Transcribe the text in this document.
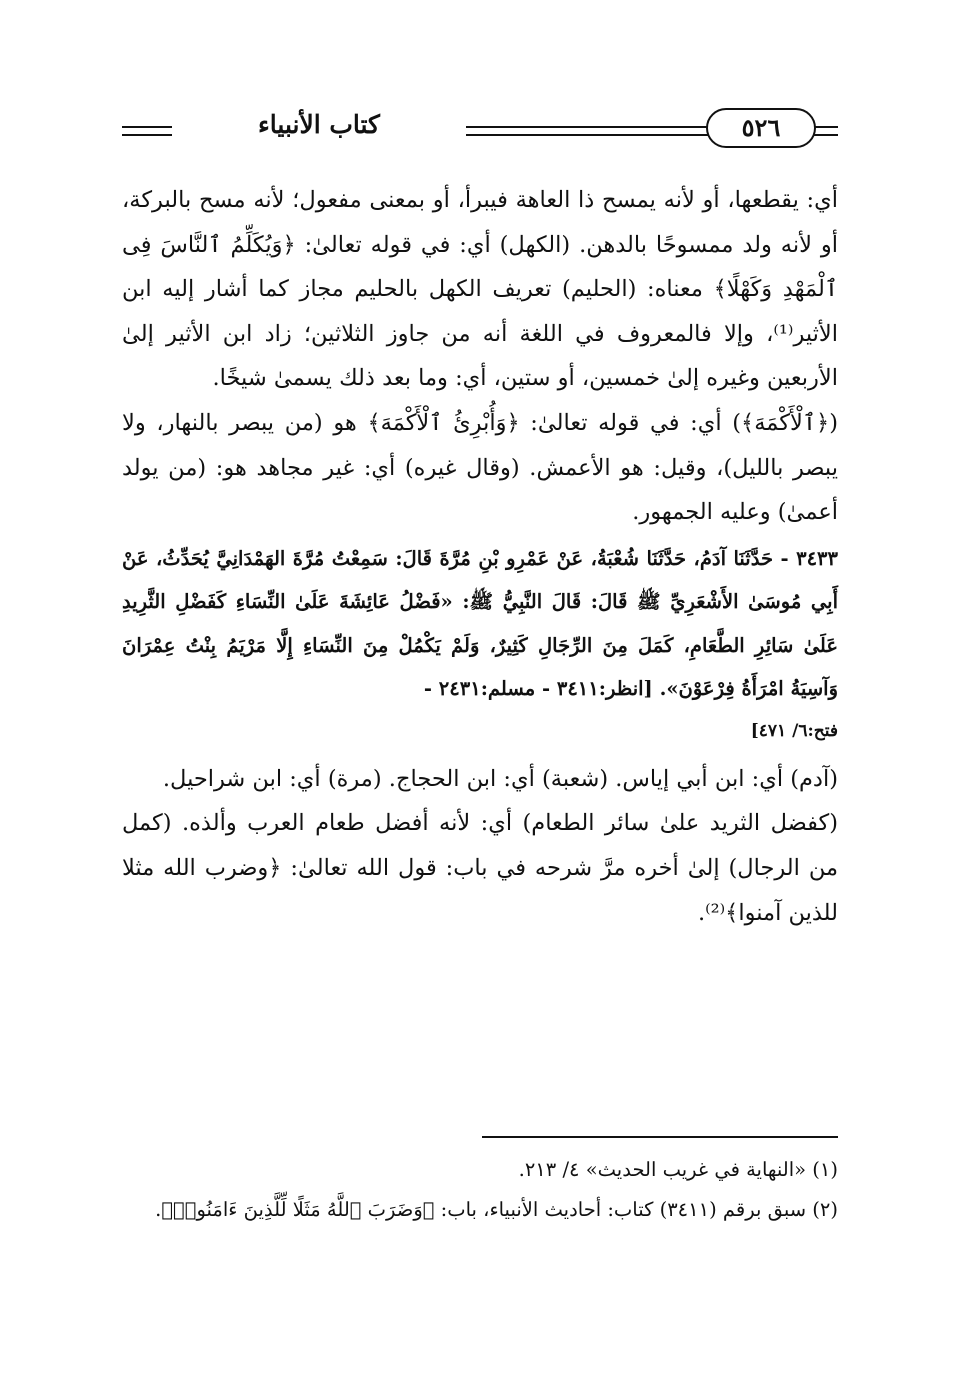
كتاب الأنبياء	٥٢٦

أي: يقطعها، أو لأنه يمسح ذا العاهة فيبرأ، أو بمعنى مفعول؛ لأنه مسح بالبركة، أو لأنه ولد ممسوحًا بالدهن. (الكهل) أي: في قوله تعالىٰ: ﴿وَيُكَلِّمُ ٱلنَّاسَ فِى ٱلْمَهْدِ وَكَهْلًا﴾ معناه: (الحليم) تعريف الكهل بالحليم مجاز كما أشار إليه ابن الأثير⁽¹⁾، وإلا فالمعروف في اللغة أنه من جاوز الثلاثين؛ زاد ابن الأثير إلىٰ الأربعين وغيره إلىٰ خمسين، أو ستين، أي: وما بعد ذلك يسمىٰ شيخًا.

(﴿ٱلْأَكْمَهَ﴾) أي: في قوله تعالىٰ: ﴿وَأُبْرِئُ ٱلْأَكْمَهَ﴾ هو (من يبصر بالنهار، ولا يبصر بالليل)، وقيل: هو الأعمش. (وقال غيره) أي: غير مجاهد هو: (من يولد أعمىٰ) وعليه الجمهور.

٣٤٣٣ - حَدَّثَنَا آدَمُ، حَدَّثَنَا شُعْبَةُ، عَنْ عَمْرِو بْنِ مُرَّةَ قَالَ: سَمِعْتُ مُرَّةَ الهَمْدَانِيَّ يُحَدِّثُ، عَنْ أَبِي مُوسَىٰ الأَشْعَرِيِّ ﷺ قَالَ: قَالَ النَّبِيُّ ﷺ: «فَضْلُ عَائِشَةَ عَلَىٰ النِّسَاءِ كَفَضْلِ الثَّرِيدِ عَلَىٰ سَائِرِ الطَّعَامِ، كَمَلَ مِنَ الرِّجَالِ كَثِيرٌ، وَلَمْ يَكْمُلْ مِنَ النِّسَاءِ إِلَّا مَرْيَمُ بِنْتُ عِمْرَانَ وَآسِيَةُ امْرَأَةُ فِرْعَوْنَ». [انظر:٣٤١١ - مسلم:٢٤٣١ -

فتح:٦/ ٤٧١]

(آدم) أي: ابن أبي إياس. (شعبة) أي: ابن الحجاج. (مرة) أي: ابن شراحيل.

(كفضل الثريد علىٰ سائر الطعام) أي: لأنه أفضل طعام العرب وألذه. (كمل من الرجال) إلىٰ أخره مرَّ شرحه في باب: قول الله تعالىٰ: ﴿وضرب الله مثلا للذين آمنوا﴾⁽²⁾.

(١) «النهاية في غريب الحديث» ٤/ ٢١٣.

(٢) سبق برقم (٣٤١١) كتاب: أحاديث الأنبياء، باب: ﴿وَضَرَبَ ٱللَّهُ مَثَلًا لِّلَّذِينَ ءَامَنُوا۟﴾.
